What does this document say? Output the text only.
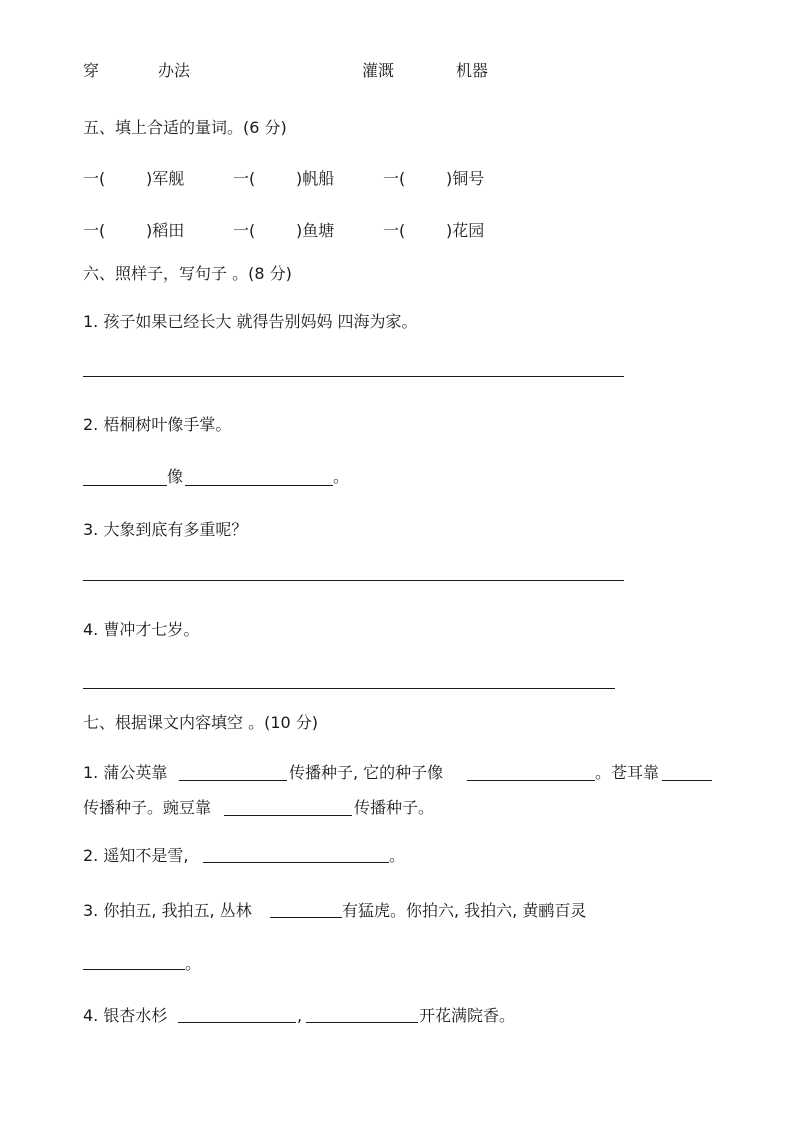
穿	办法	灌溉	机器
五、填上合适的量词。(6 分)
一(	)军舰	一(	)帆船	一(	)铜号
一(	)稻田	一(	)鱼塘	一(	)花园
六、照样子，写句子 。(8 分)
1. 孩子如果已经长大 就得告别妈妈 四海为家。
2. 梧桐树叶像手掌。
像	。
3. 大象到底有多重呢？
4. 曹冲才七岁。
七、根据课文内容填空 。(10 分)
1. 蒲公英靠	传播种子, 它的种子像	。苍耳靠
传播种子。豌豆靠	传播种子。
2. 遥知不是雪,	。
3. 你拍五, 我拍五, 丛林	有猛虎。你拍六, 我拍六, 黄鹂百灵
。
4. 银杏水杉	,	开花满院香。
